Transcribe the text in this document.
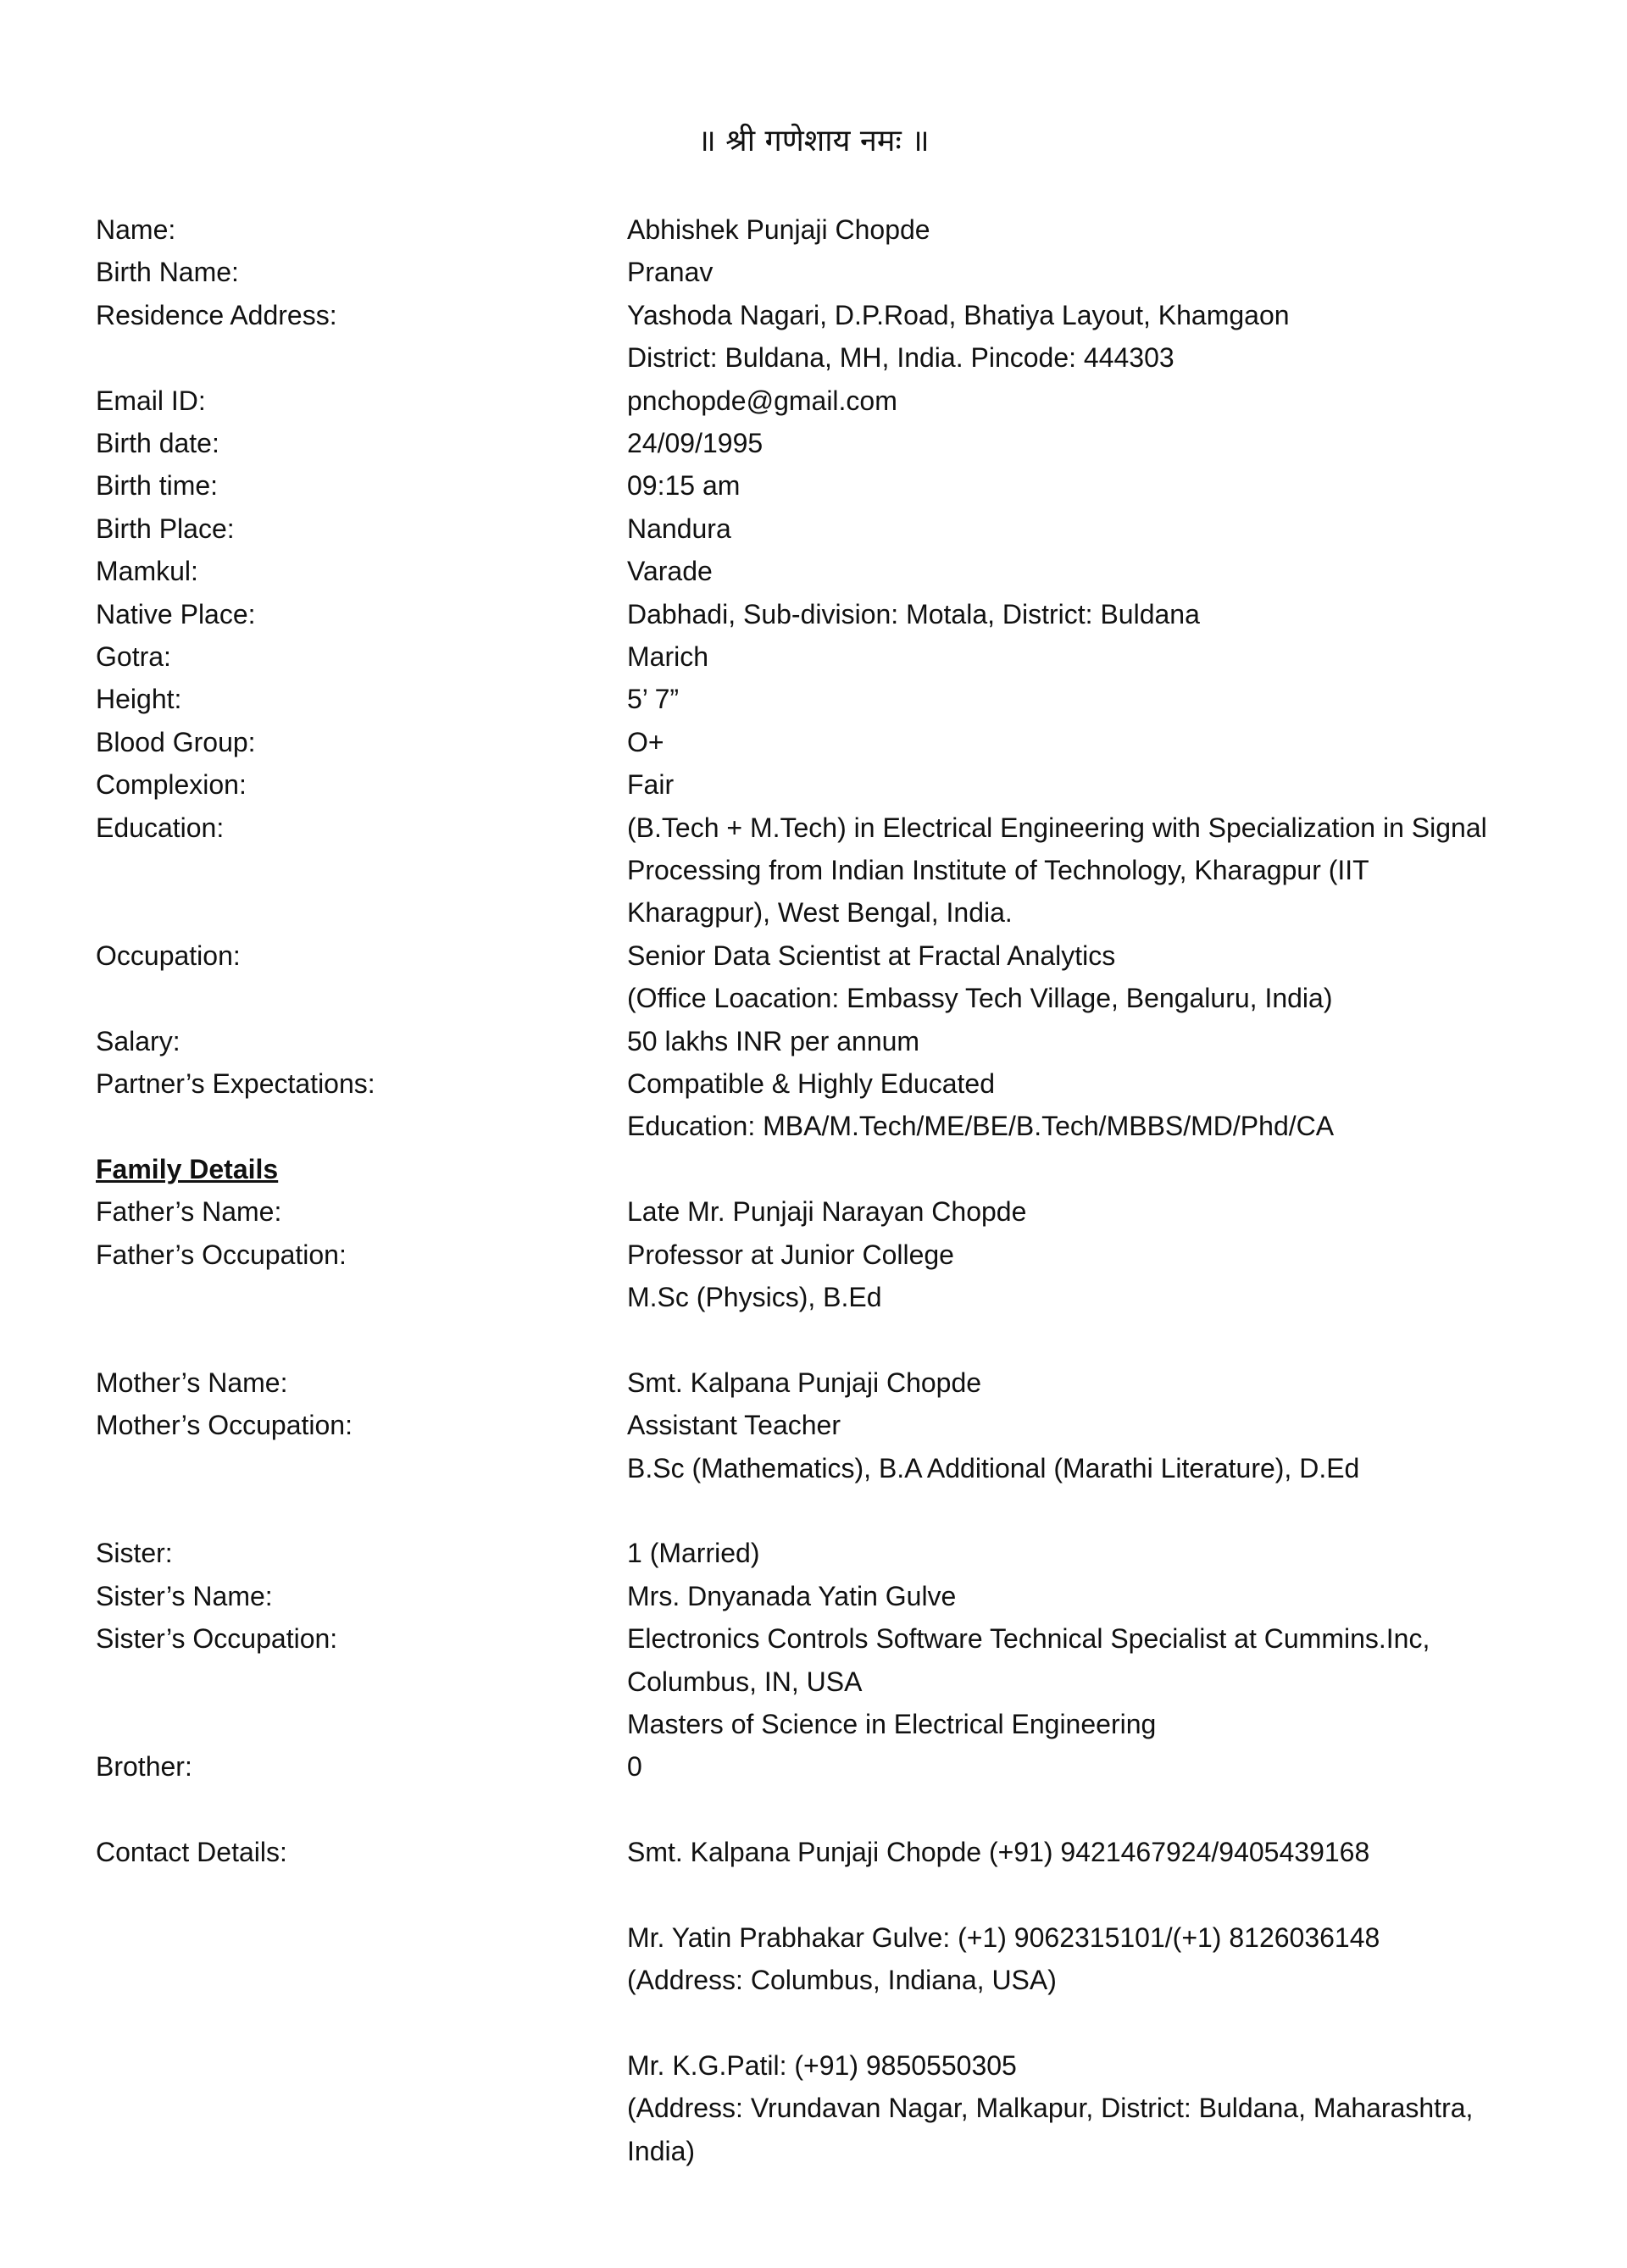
॥ श्री गणेशाय नमः ॥
Name:	Abhishek Punjaji Chopde
Birth Name:	Pranav
Residence Address:	Yashoda Nagari, D.P.Road, Bhatiya Layout, Khamgaon
District: Buldana, MH, India. Pincode: 444303
Email ID:	pnchopde@gmail.com
Birth date:	24/09/1995
Birth time:	09:15 am
Birth Place:	Nandura
Mamkul:	Varade
Native Place:	Dabhadi, Sub-division: Motala, District: Buldana
Gotra:	Marich
Height:	5’ 7”
Blood Group:	O+
Complexion:	Fair
Education:	(B.Tech + M.Tech) in Electrical Engineering with Specialization in Signal
Processing from Indian Institute of Technology, Kharagpur (IIT
Kharagpur), West Bengal, India.
Occupation:	Senior Data Scientist at Fractal Analytics
(Office Loacation: Embassy Tech Village, Bengaluru, India)
Salary:	50 lakhs INR per annum
Partner’s Expectations:	Compatible & Highly Educated
Education: MBA/M.Tech/ME/BE/B.Tech/MBBS/MD/Phd/CA
Family Details
Father’s Name:	Late Mr. Punjaji Narayan Chopde
Father’s Occupation:	Professor at Junior College
M.Sc (Physics), B.Ed
Mother’s Name:	Smt. Kalpana Punjaji Chopde
Mother’s Occupation:	Assistant Teacher
B.Sc (Mathematics), B.A Additional (Marathi Literature), D.Ed
Sister:	1 (Married)
Sister’s Name:	Mrs. Dnyanada Yatin Gulve
Sister’s Occupation:	Electronics Controls Software Technical Specialist at Cummins.Inc,
Columbus, IN, USA
Masters of Science in Electrical Engineering
Brother:	0
Contact Details:	Smt. Kalpana Punjaji Chopde (+91) 9421467924/9405439168
Mr. Yatin Prabhakar Gulve: (+1) 9062315101/(+1) 8126036148
(Address: Columbus, Indiana, USA)
Mr. K.G.Patil: (+91) 9850550305
(Address: Vrundavan Nagar, Malkapur, District: Buldana, Maharashtra,
India)
